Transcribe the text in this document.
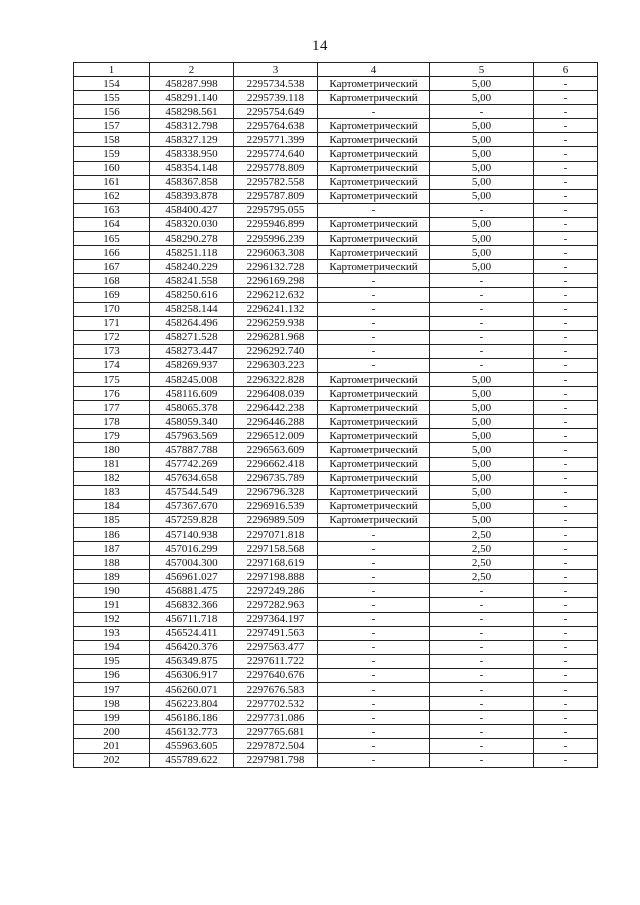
14
1	2	3	4	5	6
154	458287.998	2295734.538	Картометрический	5,00	-
155	458291.140	2295739.118	Картометрический	5,00	-
156	458298.561	2295754.649	-	-	-
157	458312.798	2295764.638	Картометрический	5,00	-
158	458327.129	2295771.399	Картометрический	5,00	-
159	458338.950	2295774.640	Картометрический	5,00	-
160	458354.148	2295778.809	Картометрический	5,00	-
161	458367.858	2295782.558	Картометрический	5,00	-
162	458393.878	2295787.809	Картометрический	5,00	-
163	458400.427	2295795.055	-	-	-
164	458320.030	2295946.899	Картометрический	5,00	-
165	458290.278	2295996.239	Картометрический	5,00	-
166	458251.118	2296063.308	Картометрический	5,00	-
167	458240.229	2296132.728	Картометрический	5,00	-
168	458241.558	2296169.298	-	-	-
169	458250.616	2296212.632	-	-	-
170	458258.144	2296241.132	-	-	-
171	458264.496	2296259.938	-	-	-
172	458271.528	2296281.968	-	-	-
173	458273.447	2296292.740	-	-	-
174	458269.937	2296303.223	-	-	-
175	458245.008	2296322.828	Картометрический	5,00	-
176	458116.609	2296408.039	Картометрический	5,00	-
177	458065.378	2296442.238	Картометрический	5,00	-
178	458059.340	2296446.288	Картометрический	5,00	-
179	457963.569	2296512.009	Картометрический	5,00	-
180	457887.788	2296563.609	Картометрический	5,00	-
181	457742.269	2296662.418	Картометрический	5,00	-
182	457634.658	2296735.789	Картометрический	5,00	-
183	457544.549	2296796.328	Картометрический	5,00	-
184	457367.670	2296916.539	Картометрический	5,00	-
185	457259.828	2296989.509	Картометрический	5,00	-
186	457140.938	2297071.818	-	2,50	-
187	457016.299	2297158.568	-	2,50	-
188	457004.300	2297168.619	-	2,50	-
189	456961.027	2297198.888	-	2,50	-
190	456881.475	2297249.286	-	-	-
191	456832.366	2297282.963	-	-	-
192	456711.718	2297364.197	-	-	-
193	456524.411	2297491.563	-	-	-
194	456420.376	2297563.477	-	-	-
195	456349.875	2297611.722	-	-	-
196	456306.917	2297640.676	-	-	-
197	456260.071	2297676.583	-	-	-
198	456223.804	2297702.532	-	-	-
199	456186.186	2297731.086	-	-	-
200	456132.773	2297765.681	-	-	-
201	455963.605	2297872.504	-	-	-
202	455789.622	2297981.798	-	-	-
